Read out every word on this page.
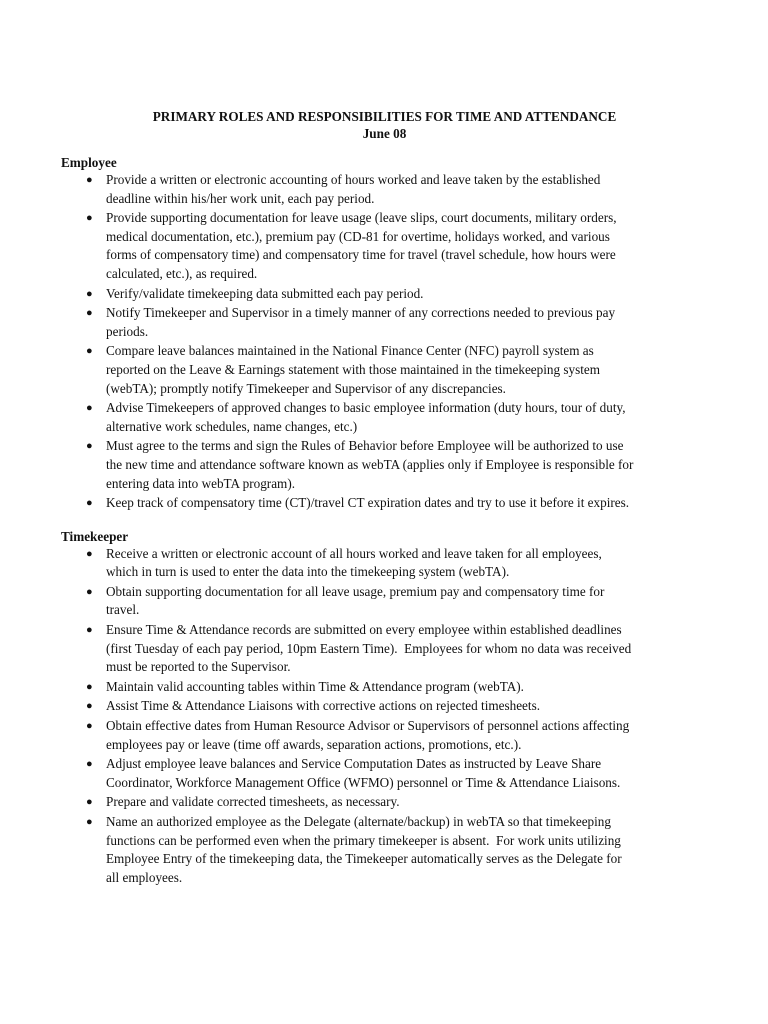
PRIMARY ROLES AND RESPONSIBILITIES FOR TIME AND ATTENDANCE

June 08

Employee

● Provide a written or electronic accounting of hours worked and leave taken by the established
deadline within his/her work unit, each pay period.
● Provide supporting documentation for leave usage (leave slips, court documents, military orders,
medical documentation, etc.), premium pay (CD-81 for overtime, holidays worked, and various
forms of compensatory time) and compensatory time for travel (travel schedule, how hours were
calculated, etc.), as required.
● Verify/validate timekeeping data submitted each pay period.
● Notify Timekeeper and Supervisor in a timely manner of any corrections needed to previous pay
periods.
● Compare leave balances maintained in the National Finance Center (NFC) payroll system as
reported on the Leave & Earnings statement with those maintained in the timekeeping system
(webTA); promptly notify Timekeeper and Supervisor of any discrepancies.
● Advise Timekeepers of approved changes to basic employee information (duty hours, tour of duty,
alternative work schedules, name changes, etc.)
● Must agree to the terms and sign the Rules of Behavior before Employee will be authorized to use
the new time and attendance software known as webTA (applies only if Employee is responsible for
entering data into webTA program).
● Keep track of compensatory time (CT)/travel CT expiration dates and try to use it before it expires.

Timekeeper

● Receive a written or electronic account of all hours worked and leave taken for all employees,
which in turn is used to enter the data into the timekeeping system (webTA).
● Obtain supporting documentation for all leave usage, premium pay and compensatory time for
travel.
● Ensure Time & Attendance records are submitted on every employee within established deadlines
(first Tuesday of each pay period, 10pm Eastern Time).  Employees for whom no data was received
must be reported to the Supervisor.
● Maintain valid accounting tables within Time & Attendance program (webTA).
● Assist Time & Attendance Liaisons with corrective actions on rejected timesheets.
● Obtain effective dates from Human Resource Advisor or Supervisors of personnel actions affecting
employees pay or leave (time off awards, separation actions, promotions, etc.).
● Adjust employee leave balances and Service Computation Dates as instructed by Leave Share
Coordinator, Workforce Management Office (WFMO) personnel or Time & Attendance Liaisons.
● Prepare and validate corrected timesheets, as necessary.
● Name an authorized employee as the Delegate (alternate/backup) in webTA so that timekeeping
functions can be performed even when the primary timekeeper is absent.  For work units utilizing
Employee Entry of the timekeeping data, the Timekeeper automatically serves as the Delegate for
all employees.
